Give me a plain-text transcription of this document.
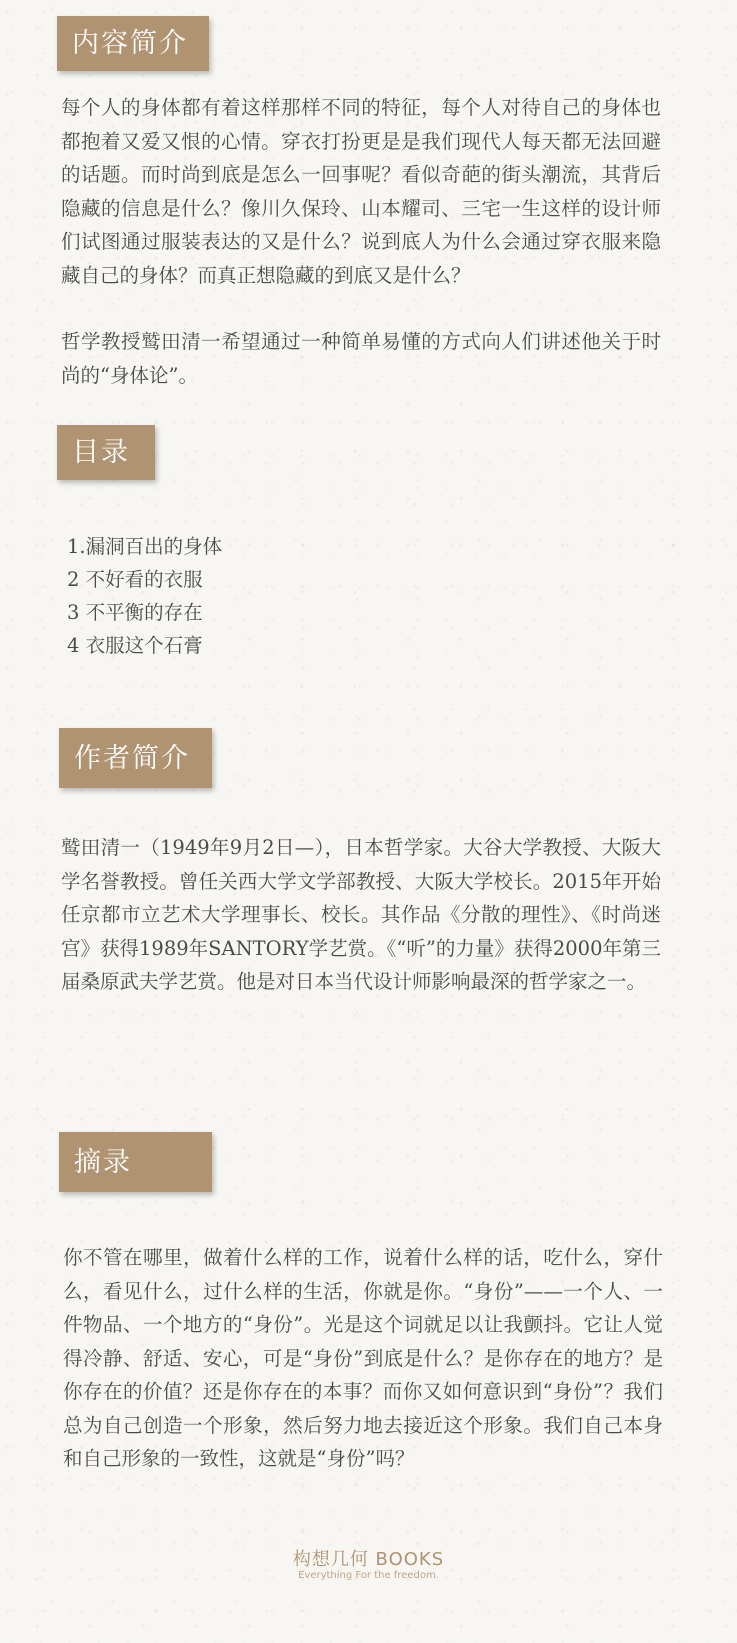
内容简介

每个人的身体都有着这样那样不同的特征，每个人对待自己的身体也都抱着又爱又恨的心情。穿衣打扮更是是我们现代人每天都无法回避的话题。而时尚到底是怎么一回事呢？看似奇葩的街头潮流，其背后隐藏的信息是什么？像川久保玲、山本耀司、三宅一生这样的设计师们试图通过服装表达的又是什么？说到底人为什么会通过穿衣服来隐藏自己的身体？而真正想隐藏的到底又是什么？

哲学教授鹫田清一希望通过一种简单易懂的方式向人们讲述他关于时尚的“身体论”。

目录
1.漏洞百出的身体
2 不好看的衣服
3 不平衡的存在
4 衣服这个石膏
作者简介

鹫田清一（1949年9月2日—），日本哲学家。大谷大学教授、大阪大学名誉教授。曾任关西大学文学部教授、大阪大学校长。2015年开始任京都市立艺术大学理事长、校长。其作品《分散的理性》、《时尚迷宫》获得1989年SANTORY学艺赏。《“听”的力量》获得2000年第三届桑原武夫学艺赏。他是对日本当代设计师影响最深的哲学家之一。

摘录

你不管在哪里，做着什么样的工作，说着什么样的话，吃什么，穿什么，看见什么，过什么样的生活，你就是你。“身份”——一个人、一件物品、一个地方的“身份”。光是这个词就足以让我颤抖。它让人觉得冷静、舒适、安心，可是“身份”到底是什么？是你存在的地方？是你存在的价值？还是你存在的本事？而你又如何意识到“身份”？我们总为自己创造一个形象，然后努力地去接近这个形象。我们自己本身和自己形象的一致性，这就是“身份”吗？

构想几何 BOOKS
Everything For the freedom.
